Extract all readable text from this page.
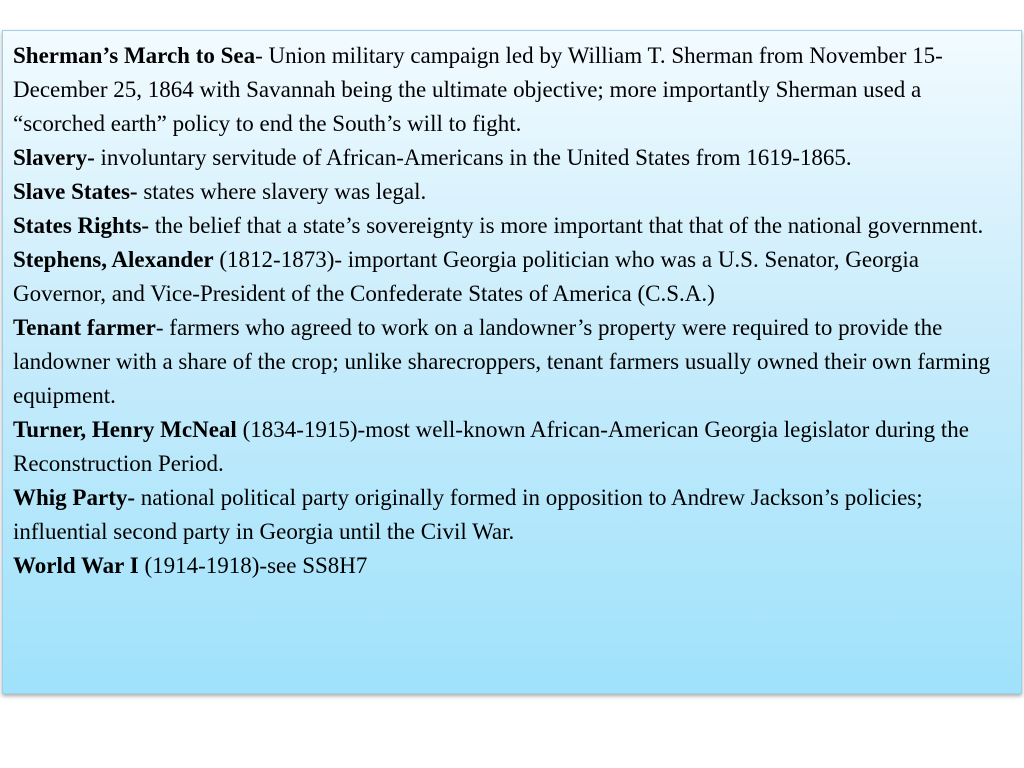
Sherman’s March to Sea- Union military campaign led by William T. Sherman from November 15-December 25, 1864 with Savannah being the ultimate objective; more importantly Sherman used a “scorched earth” policy to end the South’s will to fight.

Slavery- involuntary servitude of African-Americans in the United States from 1619-1865.

Slave States- states where slavery was legal.

States Rights- the belief that a state’s sovereignty is more important that that of the national government.

Stephens, Alexander (1812-1873)- important Georgia politician who was a U.S. Senator, Georgia Governor, and Vice-President of the Confederate States of America (C.S.A.)

Tenant farmer- farmers who agreed to work on a landowner’s property were required to provide the landowner with a share of the crop; unlike sharecroppers, tenant farmers usually owned their own farming equipment.

Turner, Henry McNeal (1834-1915)-most well-known African-American Georgia legislator during the Reconstruction Period.

Whig Party- national political party originally formed in opposition to Andrew Jackson’s policies; influential second party in Georgia until the Civil War.

World War I (1914-1918)-see SS8H7
